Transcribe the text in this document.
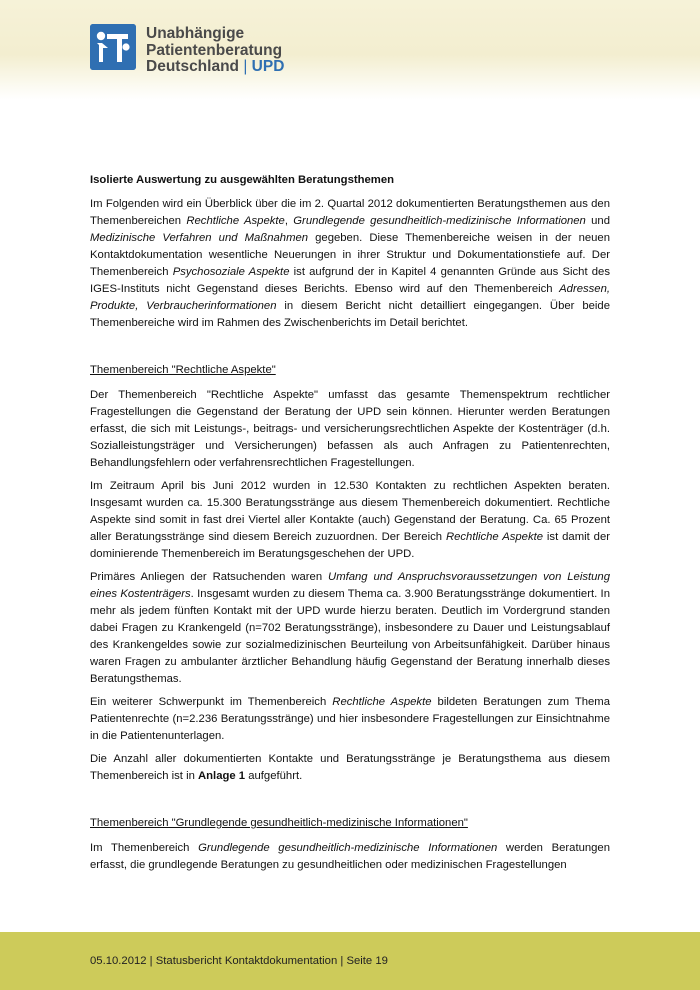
Unabhängige
Patientenberatung
Deutschland | UPD

Isolierte Auswertung zu ausgewählten Beratungsthemen

Im Folgenden wird ein Überblick über die im 2. Quartal 2012 dokumentierten Beratungsthemen aus den Themenbereichen Rechtliche Aspekte, Grundlegende gesundheitlich-medizinische Informationen und Medizinische Verfahren und Maßnahmen gegeben. Diese Themenbereiche weisen in der neuen Kontaktdokumentation wesentliche Neuerungen in ihrer Struktur und Dokumentationstiefe auf. Der Themenbereich Psychosoziale Aspekte ist aufgrund der in Kapitel 4 genannten Gründe aus Sicht des IGES-Instituts nicht Gegenstand dieses Berichts. Ebenso wird auf den Themenbereich Adressen, Produkte, Verbraucherinformationen in diesem Bericht nicht detailliert eingegangen. Über beide Themenbereiche wird im Rahmen des Zwischenberichts im Detail berichtet.

Themenbereich "Rechtliche Aspekte"

Der Themenbereich "Rechtliche Aspekte" umfasst das gesamte Themenspektrum rechtlicher Fragestellungen die Gegenstand der Beratung der UPD sein können. Hierunter werden Beratungen erfasst, die sich mit Leistungs-, beitrags- und versicherungsrechtlichen Aspekte der Kostenträger (d.h. Sozialleistungsträger und Versicherungen) befassen als auch Anfragen zu Patientenrechten, Behandlungsfehlern oder verfahrensrechtlichen Fragestellungen.

Im Zeitraum April bis Juni 2012 wurden in 12.530 Kontakten zu rechtlichen Aspekten beraten. Insgesamt wurden ca. 15.300 Beratungsstränge aus diesem Themenbereich dokumentiert. Rechtliche Aspekte sind somit in fast drei Viertel aller Kontakte (auch) Gegenstand der Beratung. Ca. 65 Prozent aller Beratungsstränge sind diesem Bereich zuzuordnen. Der Bereich Rechtliche Aspekte ist damit der dominierende Themenbereich im Beratungsgeschehen der UPD.

Primäres Anliegen der Ratsuchenden waren Umfang und Anspruchsvoraussetzungen von Leistung eines Kostenträgers. Insgesamt wurden zu diesem Thema ca. 3.900 Beratungsstränge dokumentiert. In mehr als jedem fünften Kontakt mit der UPD wurde hierzu beraten. Deutlich im Vordergrund standen dabei Fragen zu Krankengeld (n=702 Beratungsstränge), insbesondere zu Dauer und Leistungsablauf des Krankengeldes sowie zur sozialmedizinischen Beurteilung von Arbeitsunfähigkeit. Darüber hinaus waren Fragen zu ambulanter ärztlicher Behandlung häufig Gegenstand der Beratung innerhalb dieses Beratungsthemas.

Ein weiterer Schwerpunkt im Themenbereich Rechtliche Aspekte bildeten Beratungen zum Thema Patientenrechte (n=2.236 Beratungsstränge) und hier insbesondere Fragestellungen zur Einsichtnahme in die Patientenunterlagen.

Die Anzahl aller dokumentierten Kontakte und Beratungsstränge je Beratungsthema aus diesem Themenbereich ist in Anlage 1 aufgeführt.

Themenbereich "Grundlegende gesundheitlich-medizinische Informationen"

Im Themenbereich Grundlegende gesundheitlich-medizinische Informationen werden Beratungen erfasst, die grundlegende Beratungen zu gesundheitlichen oder medizinischen Fragestellungen

05.10.2012 | Statusbericht Kontaktdokumentation | Seite 19
